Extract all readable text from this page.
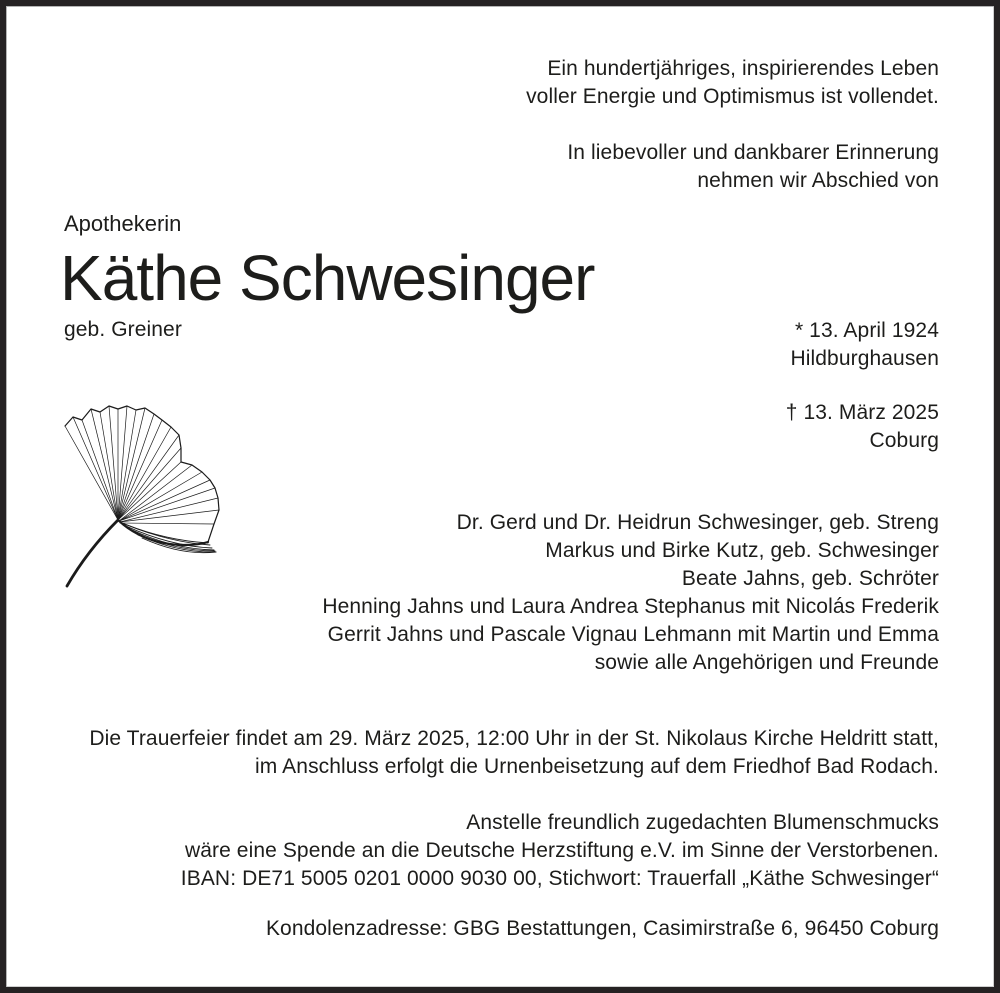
Ein hundertjähriges, inspirierendes Leben
voller Energie und Optimismus ist vollendet.
In liebevoller und dankbarer Erinnerung
nehmen wir Abschied von
Apothekerin
Käthe Schwesinger
geb. Greiner	* 13. April 1924
Hildburghausen
† 13. März 2025
Coburg
Dr. Gerd und Dr. Heidrun Schwesinger, geb. Streng
Markus und Birke Kutz, geb. Schwesinger
Beate Jahns, geb. Schröter
Henning Jahns und Laura Andrea Stephanus mit Nicolás Frederik
Gerrit Jahns und Pascale Vignau Lehmann mit Martin und Emma
sowie alle Angehörigen und Freunde
Die Trauerfeier findet am 29. März 2025, 12:00 Uhr in der St. Nikolaus Kirche Heldritt statt,
im Anschluss erfolgt die Urnenbeisetzung auf dem Friedhof Bad Rodach.
Anstelle freundlich zugedachten Blumenschmucks
wäre eine Spende an die Deutsche Herzstiftung e.V. im Sinne der Verstorbenen.
IBAN: DE71 5005 0201 0000 9030 00, Stichwort: Trauerfall „Käthe Schwesinger“
Kondolenzadresse: GBG Bestattungen, Casimirstraße 6, 96450 Coburg
